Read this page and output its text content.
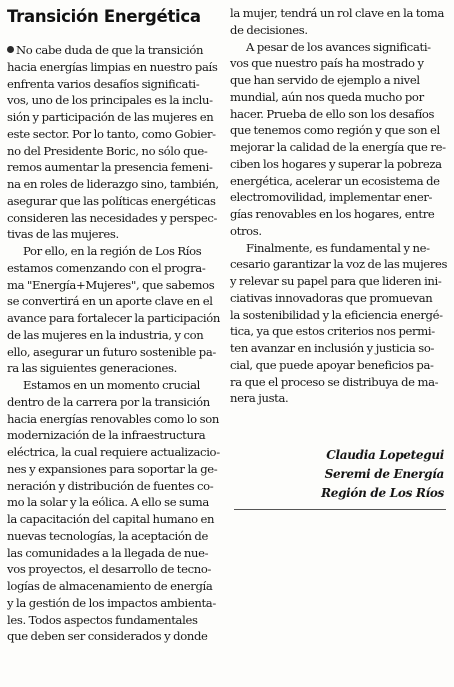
Transición Energética
No cabe duda de que la transición
hacia energías limpias en nuestro país
enfrenta varios desafíos significati-
vos, uno de los principales es la inclu-
sión y participación de las mujeres en
este sector. Por lo tanto, como Gobier-
no del Presidente Boric, no sólo que-
remos aumentar la presencia femeni-
na en roles de liderazgo sino, también,
asegurar que las políticas energéticas
consideren las necesidades y perspec-
tivas de las mujeres.
Por ello, en la región de Los Ríos
estamos comenzando con el progra-
ma "Energía+Mujeres", que sabemos
se convertirá en un aporte clave en el
avance para fortalecer la participación
de las mujeres en la industria, y con
ello, asegurar un futuro sostenible pa-
ra las siguientes generaciones.
Estamos en un momento crucial
dentro de la carrera por la transición
hacia energías renovables como lo son
modernización de la infraestructura
eléctrica, la cual requiere actualizacio-
nes y expansiones para soportar la ge-
neración y distribución de fuentes co-
mo la solar y la eólica. A ello se suma
la capacitación del capital humano en
nuevas tecnologías, la aceptación de
las comunidades a la llegada de nue-
vos proyectos, el desarrollo de tecno-
logías de almacenamiento de energía
y la gestión de los impactos ambienta-
les. Todos aspectos fundamentales
que deben ser considerados y donde
la mujer, tendrá un rol clave en la toma
de decisiones.
A pesar de los avances significati-
vos que nuestro país ha mostrado y
que han servido de ejemplo a nivel
mundial, aún nos queda mucho por
hacer. Prueba de ello son los desafíos
que tenemos como región y que son el
mejorar la calidad de la energía que re-
ciben los hogares y superar la pobreza
energética, acelerar un ecosistema de
electromovilidad, implementar ener-
gías renovables en los hogares, entre
otros.
Finalmente, es fundamental y ne-
cesario garantizar la voz de las mujeres
y relevar su papel para que lideren ini-
ciativas innovadoras que promuevan
la sostenibilidad y la eficiencia energé-
tica, ya que estos criterios nos permi-
ten avanzar en inclusión y justicia so-
cial, que puede apoyar beneficios pa-
ra que el proceso se distribuya de ma-
nera justa.
Claudia Lopetegui
Seremi de Energía
Región de Los Ríos
